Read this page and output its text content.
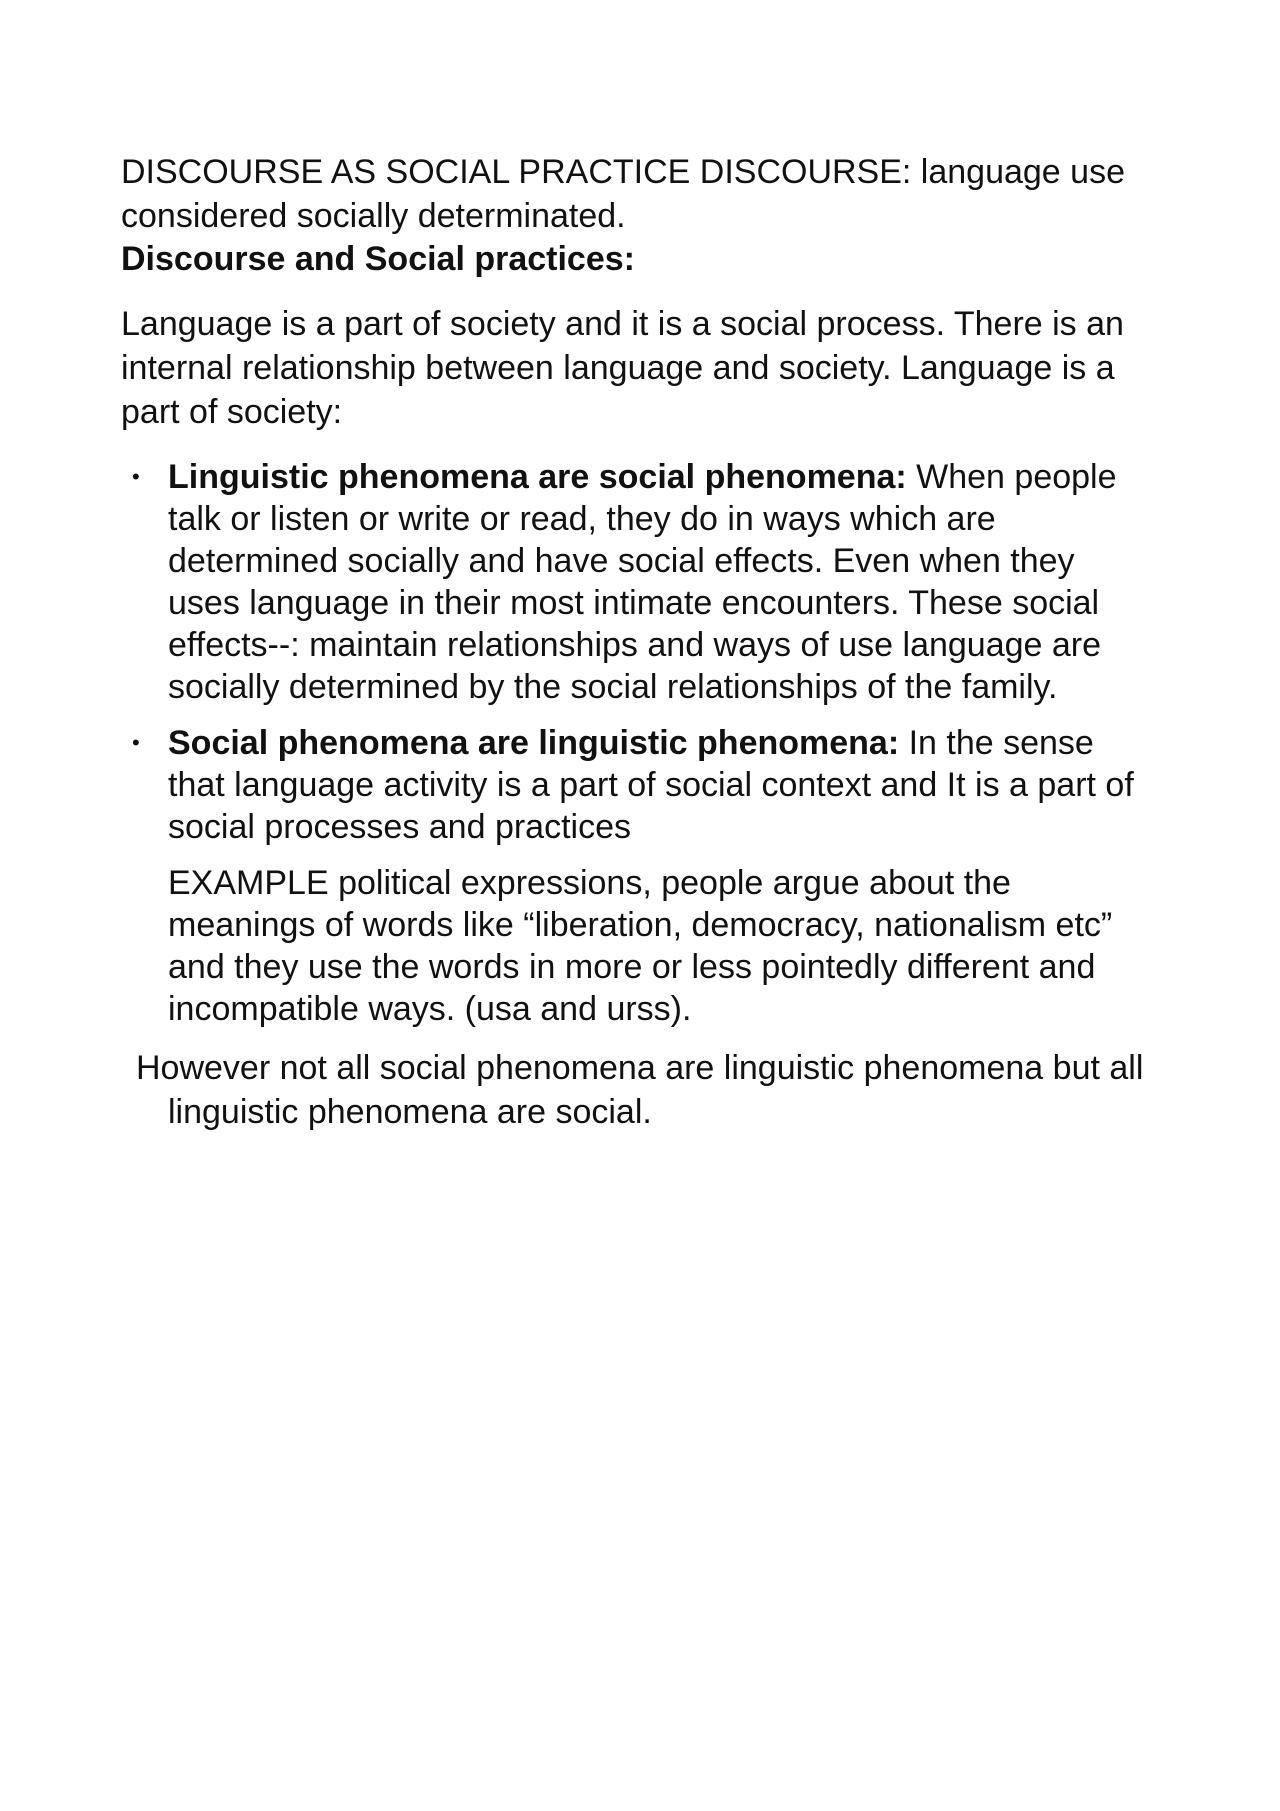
DISCOURSE AS SOCIAL PRACTICE DISCOURSE: language use
considered socially determinated.
Discourse and Social practices:
Language is a part of society and it is a social process. There is an
internal relationship between language and society. Language is a
part of society:
• Linguistic phenomena are social phenomena: When people
talk or listen or write or read, they do in ways which are
determined socially and have social effects. Even when they
uses language in their most intimate encounters. These social
effects--: maintain relationships and ways of use language are
socially determined by the social relationships of the family.
• Social phenomena are linguistic phenomena: In the sense
that language activity is a part of social context and It is a part of
social processes and practices
EXAMPLE political expressions, people argue about the
meanings of words like “liberation, democracy, nationalism etc”
and they use the words in more or less pointedly different and
incompatible ways. (usa and urss).
However not all social phenomena are linguistic phenomena but all
linguistic phenomena are social.
